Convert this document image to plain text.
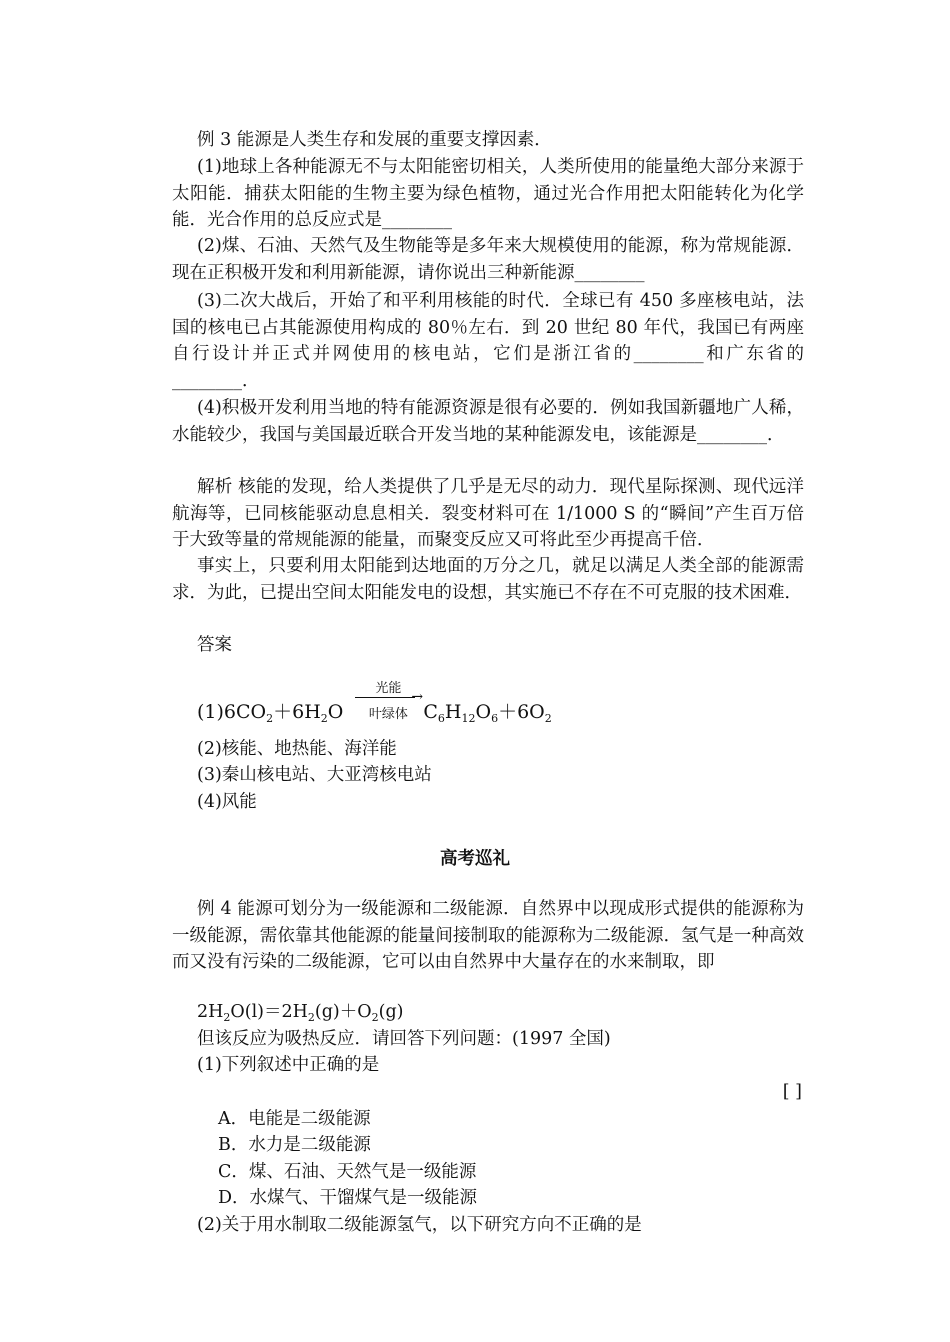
例 3 能源是人类生存和发展的重要支撑因素．

(1)地球上各种能源无不与太阳能密切相关，人类所使用的能量绝大部分来源于太阳能．捕获太阳能的生物主要为绿色植物，通过光合作用把太阳能转化为化学能．光合作用的总反应式是________

(2)煤、石油、天然气及生物能等是多年来大规模使用的能源，称为常规能源．现在正积极开发和利用新能源，请你说出三种新能源________

(3)二次大战后，开始了和平利用核能的时代．全球已有 450 多座核电站，法国的核电已占其能源使用构成的 80％左右．到 20 世纪 80 年代，我国已有两座自行设计并正式并网使用的核电站，它们是浙江省的________和广东省的________．

(4)积极开发利用当地的特有能源资源是很有必要的．例如我国新疆地广人稀，水能较少，我国与美国最近联合开发当地的某种能源发电，该能源是________．

解析 核能的发现，给人类提供了几乎是无尽的动力．现代星际探测、现代远洋航海等，已同核能驱动息息相关．裂变材料可在 1/1000 S 的“瞬间”产生百万倍于大致等量的常规能源的能量，而聚变反应又可将此至少再提高千倍．

事实上，只要利用太阳能到达地面的万分之几，就足以满足人类全部的能源需求．为此，已提出空间太阳能发电的设想，其实施已不存在不可克服的技术困难．

答案
$(1)6CO_2+6H_2O$
光能
→
叶绿体 $C_6H_{12}O_6+6O_2$
(2)核能、地热能、海洋能
(3)秦山核电站、大亚湾核电站
(4)风能
高考巡礼

例 4 能源可划分为一级能源和二级能源．自然界中以现成形式提供的能源称为一级能源，需依靠其他能源的能量间接制取的能源称为二级能源．氢气是一种高效而又没有污染的二级能源，它可以由自然界中大量存在的水来制取，即

$2H_2O(l)=2H_2(g)+O_2(g)$
但该反应为吸热反应．请回答下列问题：(1997 全国)
(1)下列叙述中正确的是
[ ]
A．电能是二级能源
B．水力是二级能源
C．煤、石油、天然气是一级能源
D．水煤气、干馏煤气是一级能源
(2)关于用水制取二级能源氢气，以下研究方向不正确的是
